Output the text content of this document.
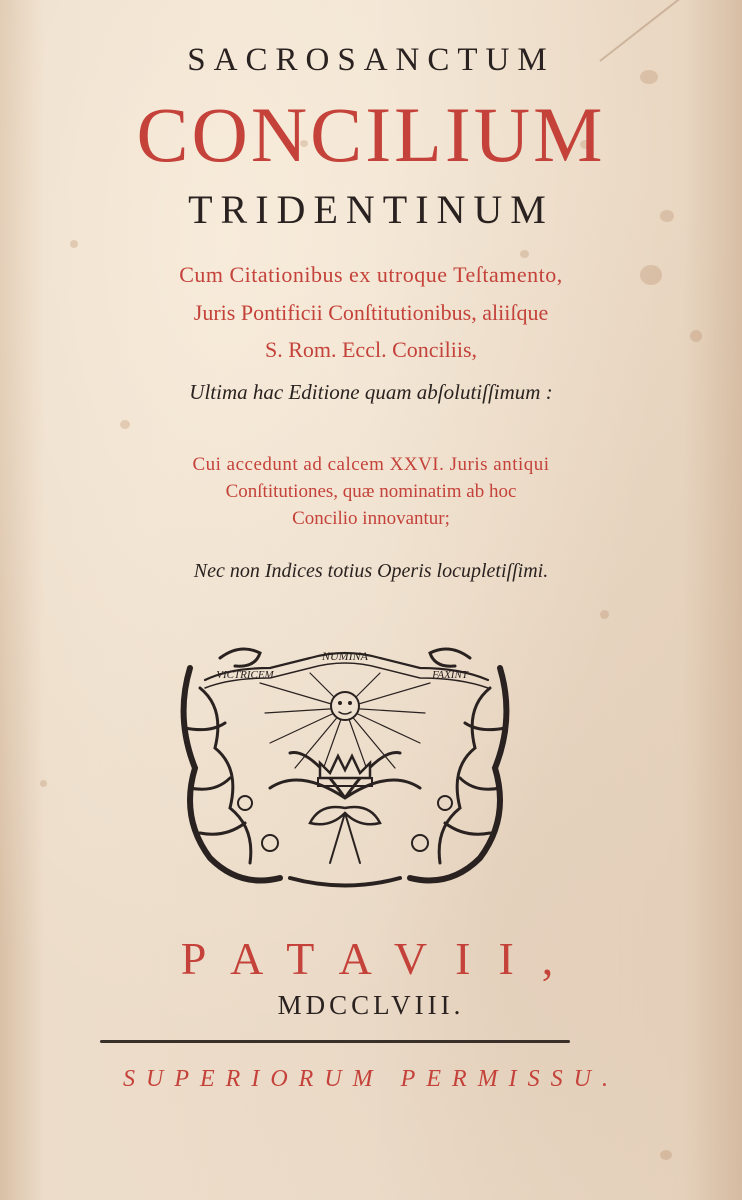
SACROSANCTUM
CONCILIUM
TRIDENTINUM
Cum Citationibus ex utroque Teſtamento,
Juris Pontificii Conſtitutionibus, aliiſque
S. Rom. Eccl. Conciliis,
Ultima hac Editione quam abſolutiſſimum :
Cui accedunt ad calcem XXVI. Juris antiqui
Conſtitutiones, quæ nominatim ab hoc
Concilio innovantur;
Nec non Indices totius Operis locupletiſſimi.
NUMINA
VICTRICEM	FAXINT
PATAVII,
MDCCLVIII.
SUPERIORUM PERMISSU.
